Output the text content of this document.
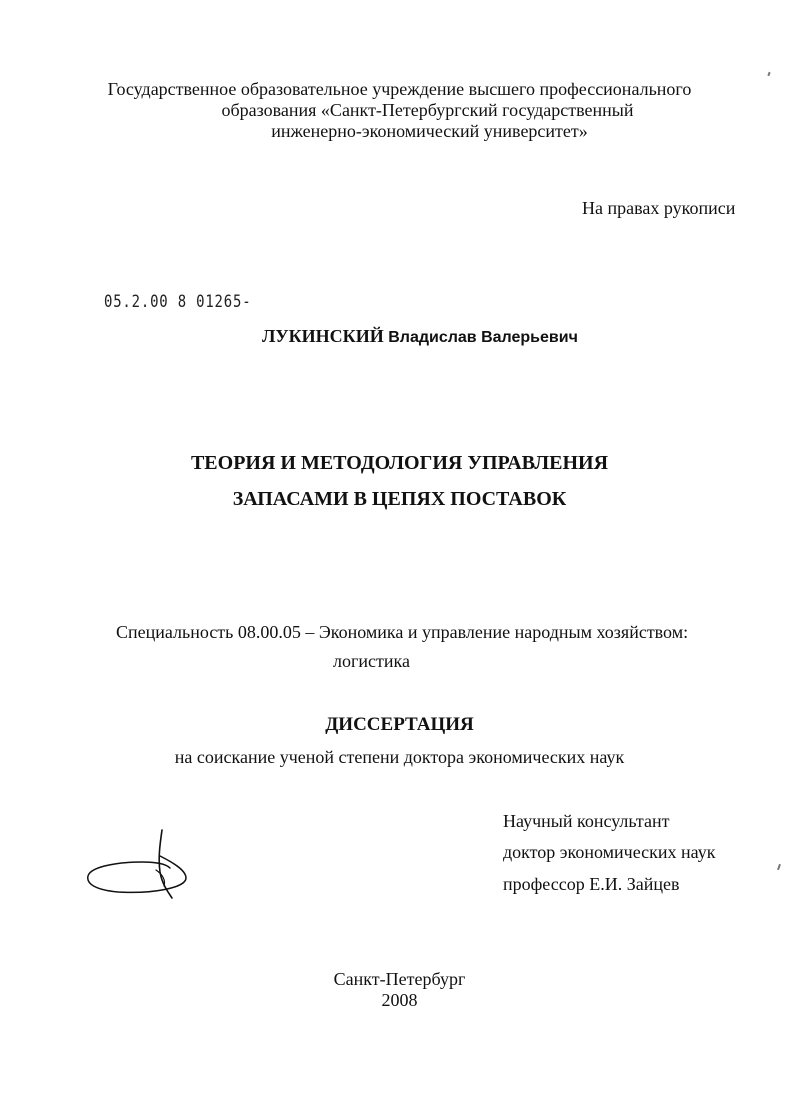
Государственное образовательное учреждение высшего профессионального
образования «Санкт-Петербургский государственный
инженерно-экономический университет»
На правах рукописи
05.2.00 8 01265-
ЛУКИНСКИЙ Владислав Валерьевич
ТЕОРИЯ И МЕТОДОЛОГИЯ УПРАВЛЕНИЯ
ЗАПАСАМИ В ЦЕПЯХ ПОСТАВОК
Специальность 08.00.05 – Экономика и управление народным хозяйством:
логистика
ДИССЕРТАЦИЯ
на соискание ученой степени доктора экономических наук
Научный консультант
доктор экономических наук
профессор Е.И. Зайцев
Санкт-Петербург
2008
